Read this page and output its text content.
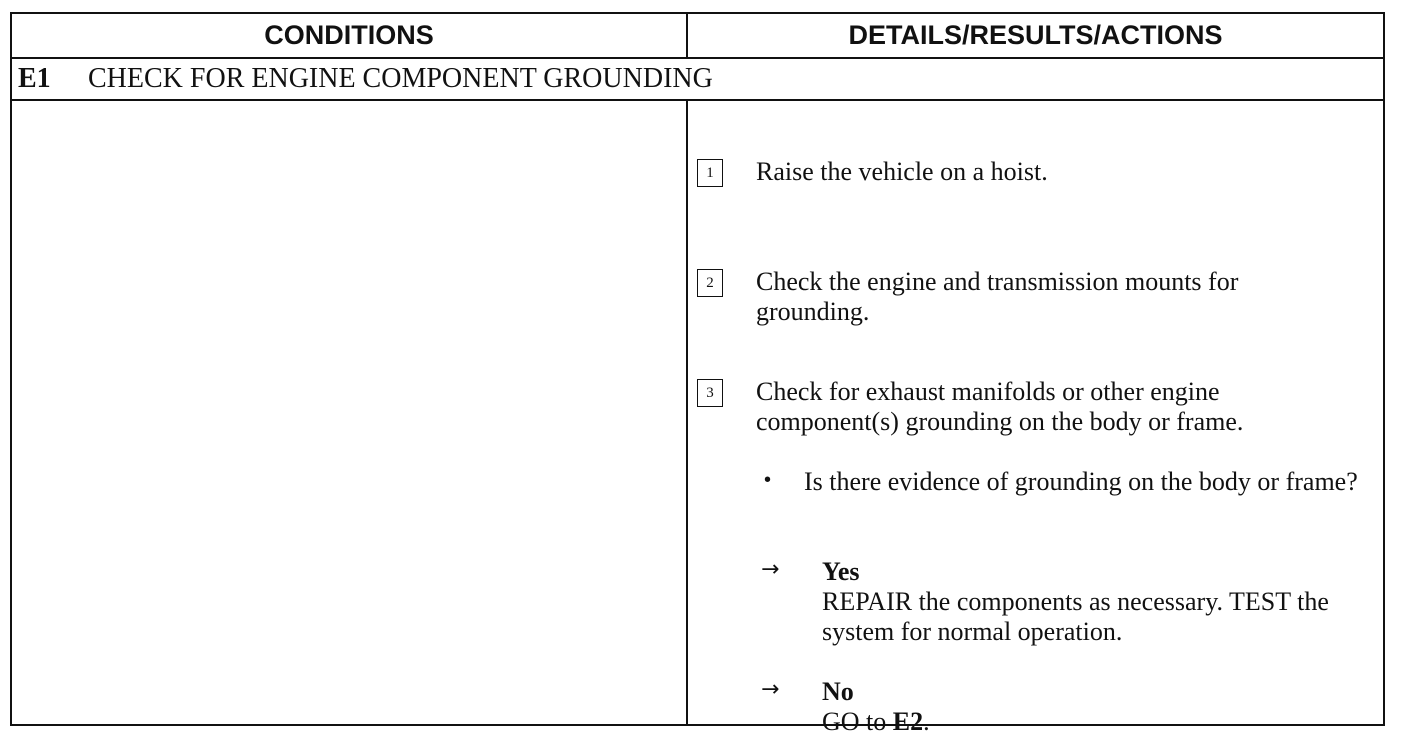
CONDITIONS	DETAILS/RESULTS/ACTIONS
E1 CHECK FOR ENGINE COMPONENT GROUNDING
1	Raise the vehicle on a hoist.
2	Check the engine and transmission mounts for grounding.
3	Check for exhaust manifolds or other engine component(s) grounding on the body or frame.
• Is there evidence of grounding on the body or frame?
→ Yes
REPAIR the components as necessary. TEST the system for normal operation.
→ No
GO to E2.
